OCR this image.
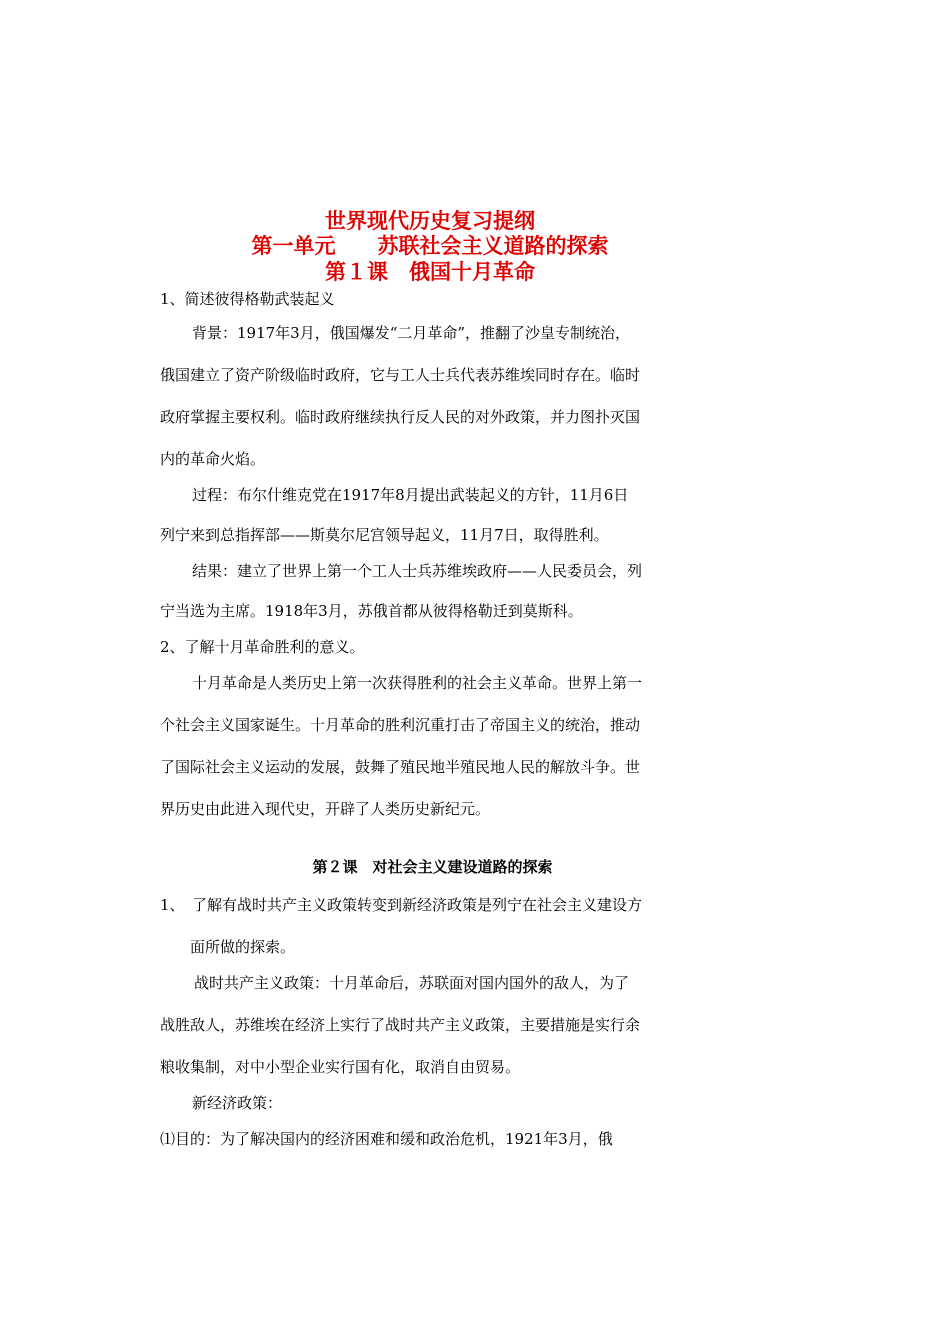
世界现代历史复习提纲
第一单元　　苏联社会主义道路的探索
第１课　俄国十月革命
1、简述彼得格勒武装起义
背景：1917年3月，俄国爆发“二月革命”，推翻了沙皇专制统治，
俄国建立了资产阶级临时政府，它与工人士兵代表苏维埃同时存在。临时
政府掌握主要权利。临时政府继续执行反人民的对外政策，并力图扑灭国
内的革命火焰。
过程：布尔什维克党在1917年8月提出武装起义的方针，11月6日
列宁来到总指挥部——斯莫尔尼宫领导起义，11月7日，取得胜利。
结果：建立了世界上第一个工人士兵苏维埃政府——人民委员会，列
宁当选为主席。1918年3月，苏俄首都从彼得格勒迁到莫斯科。
2、了解十月革命胜利的意义。
十月革命是人类历史上第一次获得胜利的社会主义革命。世界上第一
个社会主义国家诞生。十月革命的胜利沉重打击了帝国主义的统治，推动
了国际社会主义运动的发展，鼓舞了殖民地半殖民地人民的解放斗争。世
界历史由此进入现代史，开辟了人类历史新纪元。
第２课　对社会主义建设道路的探索
1、　了解有战时共产主义政策转变到新经济政策是列宁在社会主义建设方
面所做的探索。
战时共产主义政策：十月革命后，苏联面对国内国外的敌人，为了
战胜敌人，苏维埃在经济上实行了战时共产主义政策，主要措施是实行余
粮收集制，对中小型企业实行国有化，取消自由贸易。
新经济政策：
⑴目的：为了解决国内的经济困难和缓和政治危机，1921年3月，俄
